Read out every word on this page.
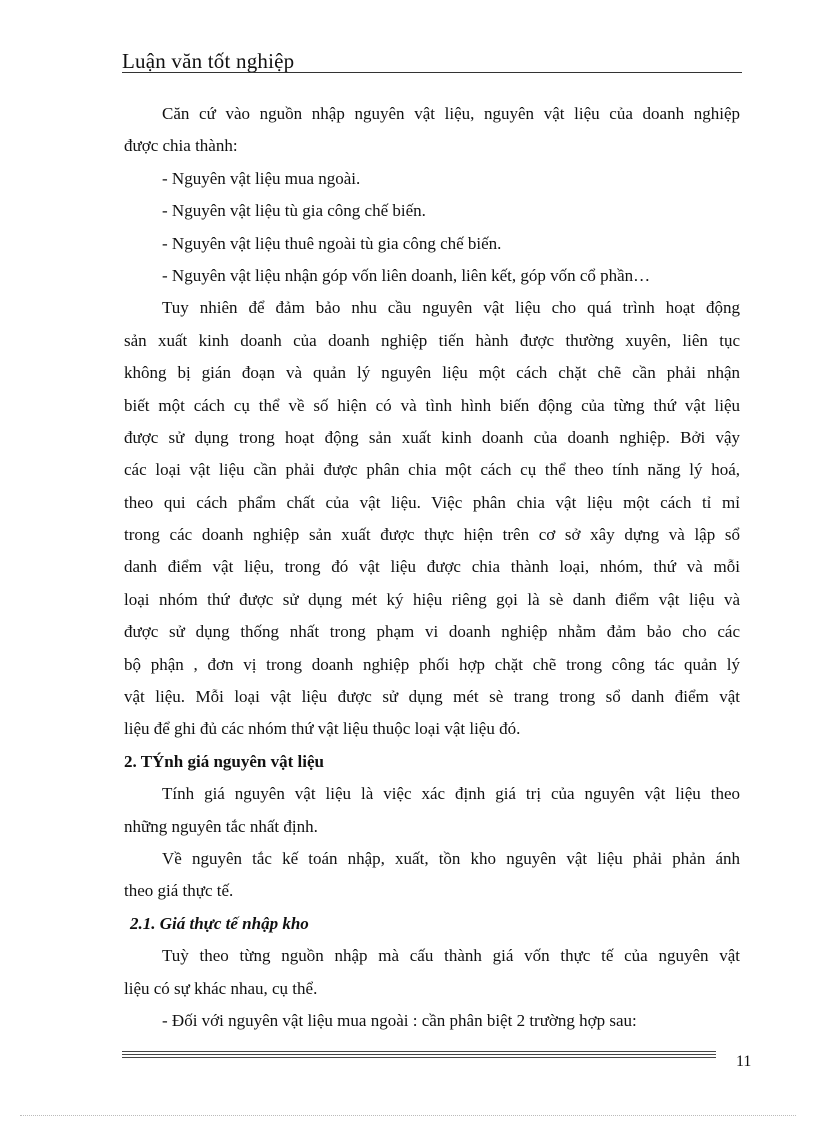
Luận văn tốt nghiệp
Căn cứ vào nguồn nhập nguyên vật liệu, nguyên vật liệu của doanh nghiệp
được chia thành:
- Nguyên vật liệu mua ngoài.
- Nguyên vật liệu tù gia công chế biến.
- Nguyên vật liệu thuê ngoài tù gia công chế biến.
- Nguyên vật liệu nhận góp vốn liên doanh, liên kết, góp vốn cổ phần…
Tuy nhiên để đảm bảo nhu cầu nguyên vật liệu cho quá trình hoạt động
sản xuất kinh doanh của doanh nghiệp tiến hành được thường xuyên, liên tục
không bị gián đoạn và quản lý nguyên liệu một cách chặt chẽ cần phải nhận
biết một cách cụ thể về số hiện có và tình hình biến động của từng thứ vật liệu
được sử dụng trong hoạt động sản xuất kinh doanh của doanh nghiệp. Bởi vậy
các loại vật liệu cần phải được phân chia một cách cụ thể theo tính năng lý hoá,
theo qui cách phẩm chất của vật liệu. Việc phân chia vật liệu một cách tỉ mỉ
trong các doanh nghiệp sản xuất được thực hiện trên cơ sở xây dựng và lập sổ
danh điểm vật liệu, trong đó vật liệu được chia thành loại, nhóm, thứ và mỗi
loại nhóm thứ được sử dụng mét ký hiệu riêng gọi là sè danh điểm vật liệu và
được sử dụng thống nhất trong phạm vi doanh nghiệp nhằm đảm bảo cho các
bộ phận , đơn vị trong doanh nghiệp phối hợp chặt chẽ trong công tác quản lý
vật liệu. Mỗi loại vật liệu được sử dụng mét sè trang trong sổ danh điểm vật
liệu để ghi đủ các nhóm thứ vật liệu thuộc loại vật liệu đó.
2. TÝnh giá nguyên vật liệu
Tính giá nguyên vật liệu là việc xác định giá trị của nguyên vật liệu theo
những nguyên tắc nhất định.
Về nguyên tắc kế toán nhập, xuất, tồn kho nguyên vật liệu phải phản ánh
theo giá thực tế.
2.1. Giá thực tế nhập kho
Tuỳ theo từng nguồn nhập mà cấu thành giá vốn thực tế của nguyên vật
liệu có sự khác nhau, cụ thể.
- Đối với nguyên vật liệu mua ngoài : cần phân biệt 2 trường hợp sau:
11
